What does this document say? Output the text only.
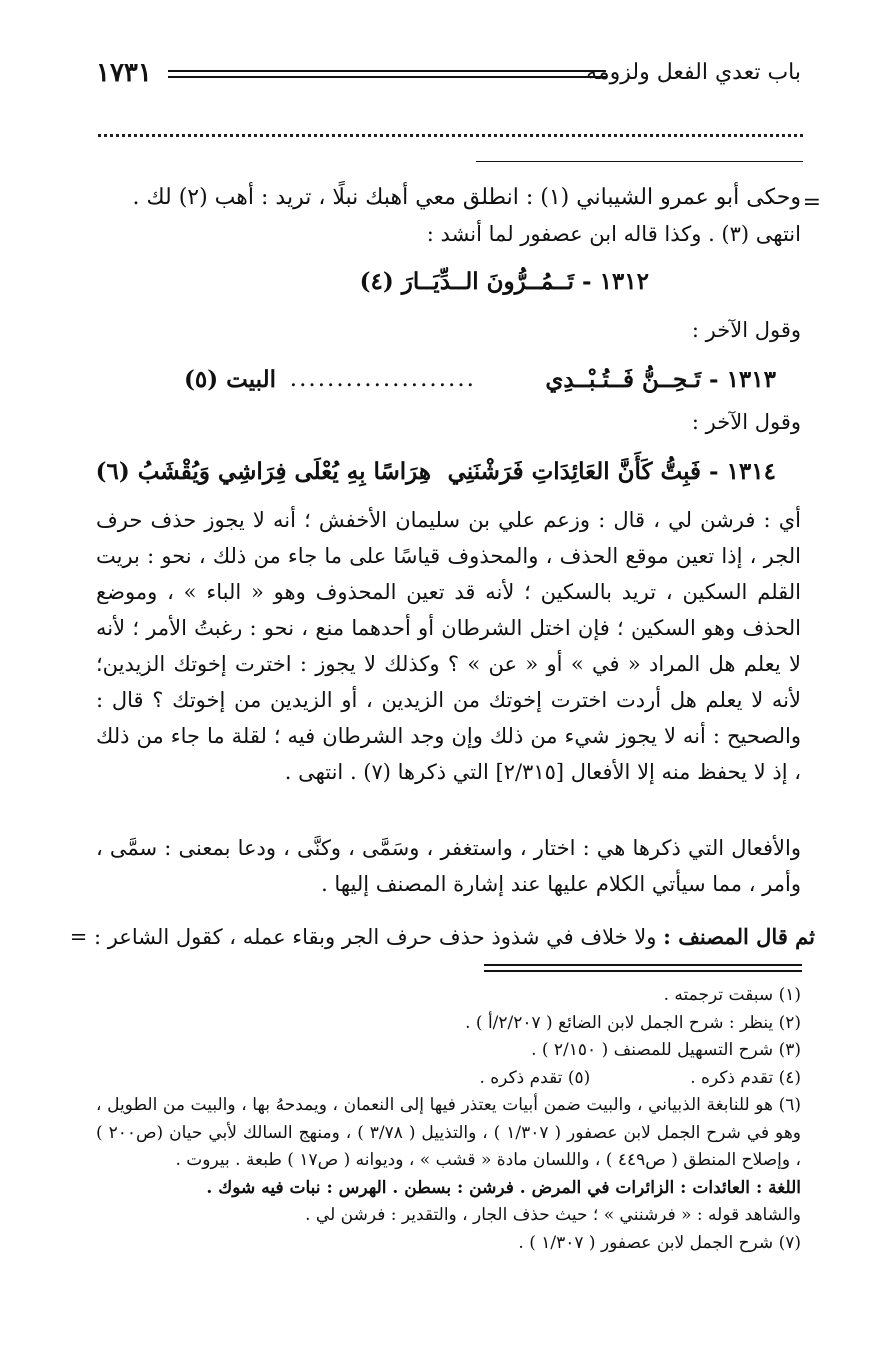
باب تعدي الفعل ولزومه
١٧٣١
=

وحكى أبو عمرو الشيباني (١) : انطلق معي أهبك نبلًا ، تريد : أهب (٢) لك .

انتهى (٣) . وكذا قاله ابن عصفور لما أنشد :

١٣١٢ - تَــمُــرُّونَ الــدِّيَــارَ (٤)
وقول الآخر :
١٣١٣ - تَـحِــنُّ فَــتُـبْــدِي
....................
البيت (٥)
وقول الآخر :
١٣١٤ - فَبِتُّ كَأَنَّ العَائِدَاتِ فَرَشْنَنِي
هِرَاسًا بِهِ يُعْلَى فِرَاشِي وَيُقْشَبُ (٦)

أي : فرشن لي ، قال : وزعم علي بن سليمان الأخفش ؛ أنه لا يجوز حذف حرف الجر ، إذا تعين موقع الحذف ، والمحذوف قياسًا على ما جاء من ذلك ، نحو : بريت القلم السكين ، تريد بالسكين ؛ لأنه قد تعين المحذوف وهو « الباء » ، وموضع الحذف وهو السكين ؛ فإن اختل الشرطان أو أحدهما منع ، نحو : رغبتُ الأمر ؛ لأنه لا يعلم هل المراد « في » أو « عن » ؟ وكذلك لا يجوز : اخترت إخوتك الزيدين؛ لأنه لا يعلم هل أردت اخترت إخوتك من الزيدين ، أو الزيدين من إخوتك ؟ قال : والصحيح : أنه لا يجوز شيء من ذلك وإن وجد الشرطان فيه ؛ لقلة ما جاء من ذلك ، إذ لا يحفظ منه إلا الأفعال [٢/٣١٥] التي ذكرها (٧) . انتهى .

والأفعال التي ذكرها هي : اختار ، واستغفر ، وسَمَّى ، وكنَّى ، ودعا بمعنى : سمَّى ، وأمر ، مما سيأتي الكلام عليها عند إشارة المصنف إليها .

ثم قال المصنف : ولا خلاف في شذوذ حذف حرف الجر وبقاء عمله ، كقول الشاعر : =

(١) سبقت ترجمته .

(٢) ينظر : شرح الجمل لابن الضائع ( ٢/٢٠٧/أ ) .

(٣) شرح التسهيل للمصنف ( ٢/١٥٠ ) .

(٤) تقدم ذكره .
(٥) تقدم ذكره .

(٦) هو للنابغة الذبياني ، والبيت ضمن أبيات يعتذر فيها إلى النعمان ، ويمدحهُ بها ، والبيت من الطويل ، وهو في شرح الجمل لابن عصفور ( ١/٣٠٧ ) ، والتذييل ( ٣/٧٨ ) ، ومنهج السالك لأبي حيان (ص٢٠٠ ) ، وإصلاح المنطق ( ص٤٤٩ ) ، واللسان مادة « قشب » ، وديوانه ( ص١٧ ) طبعة . بيروت .

اللغة : العائدات : الزائرات في المرض . فرشن : بسطن . الهرس : نبات فيه شوك .

والشاهد قوله : « فرشنني » ؛ حيث حذف الجار ، والتقدير : فرشن لي .

(٧) شرح الجمل لابن عصفور ( ١/٣٠٧ ) .
